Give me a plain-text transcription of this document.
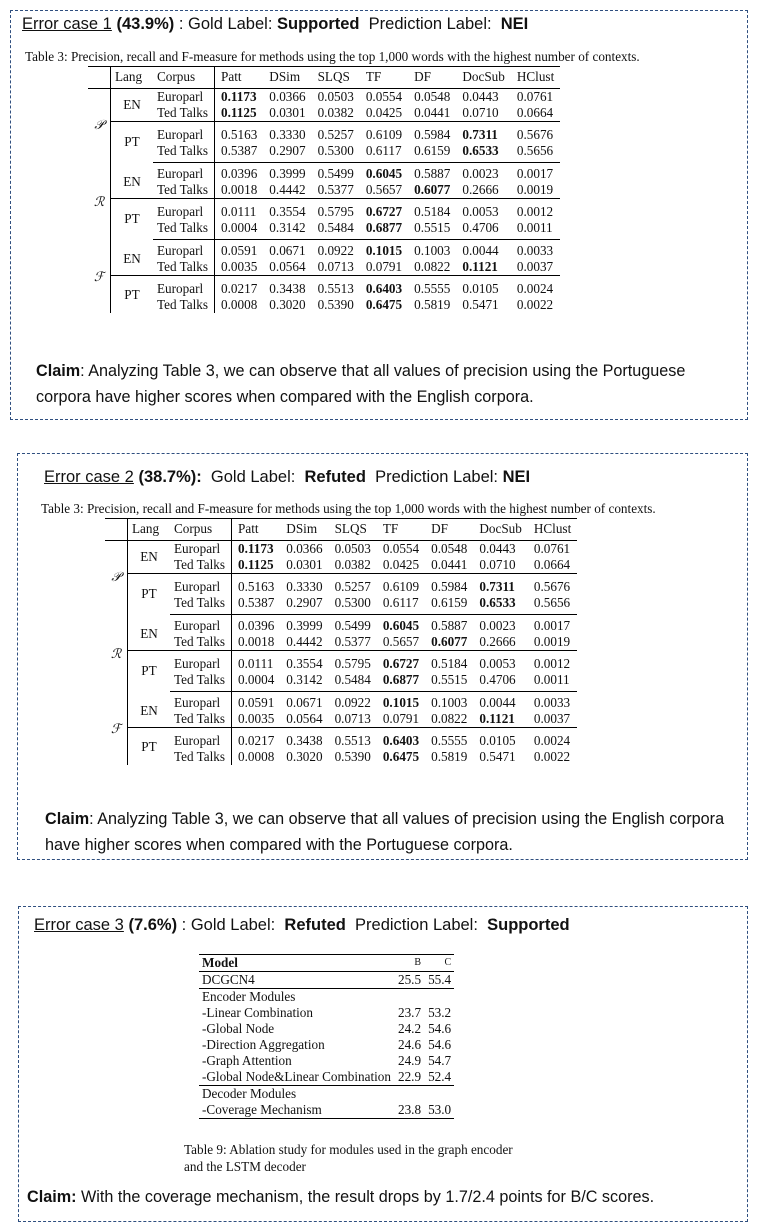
Error case 1 (43.9%) : Gold Label: Supported Prediction Label:  NEI
Table 3: Precision, recall and F-measure for methods using the top 1,000 words with the highest number of contexts.
	Lang	Corpus	Patt	DSim	SLQS	TF	DF	DocSub	HClust
𝒫	EN	Europarl	0.1173	0.0366	0.0503	0.0554	0.0548	0.0443	0.0761
		Ted Talks	0.1125	0.0301	0.0382	0.0425	0.0441	0.0710	0.0664
	PT	Europarl	0.5163	0.3330	0.5257	0.6109	0.5984	0.7311	0.5676
		Ted Talks	0.5387	0.2907	0.5300	0.6117	0.6159	0.6533	0.5656
ℛ	EN	Europarl	0.0396	0.3999	0.5499	0.6045	0.5887	0.0023	0.0017
		Ted Talks	0.0018	0.4442	0.5377	0.5657	0.6077	0.2666	0.0019
	PT	Europarl	0.0111	0.3554	0.5795	0.6727	0.5184	0.0053	0.0012
		Ted Talks	0.0004	0.3142	0.5484	0.6877	0.5515	0.4706	0.0011
ℱ	EN	Europarl	0.0591	0.0671	0.0922	0.1015	0.1003	0.0044	0.0033
		Ted Talks	0.0035	0.0564	0.0713	0.0791	0.0822	0.1121	0.0037
	PT	Europarl	0.0217	0.3438	0.5513	0.6403	0.5555	0.0105	0.0024
		Ted Talks	0.0008	0.3020	0.5390	0.6475	0.5819	0.5471	0.0022
Claim: Analyzing Table 3, we can observe that all values of precision using the Portuguese corpora have higher scores when compared with the English corpora.
Error case 2 (38.7%): Gold Label:  Refuted Prediction Label: NEI
Table 3: Precision, recall and F-measure for methods using the top 1,000 words with the highest number of contexts.
	Lang	Corpus	Patt	DSim	SLQS	TF	DF	DocSub	HClust
𝒫	EN	Europarl	0.1173	0.0366	0.0503	0.0554	0.0548	0.0443	0.0761
		Ted Talks	0.1125	0.0301	0.0382	0.0425	0.0441	0.0710	0.0664
	PT	Europarl	0.5163	0.3330	0.5257	0.6109	0.5984	0.7311	0.5676
		Ted Talks	0.5387	0.2907	0.5300	0.6117	0.6159	0.6533	0.5656
ℛ	EN	Europarl	0.0396	0.3999	0.5499	0.6045	0.5887	0.0023	0.0017
		Ted Talks	0.0018	0.4442	0.5377	0.5657	0.6077	0.2666	0.0019
	PT	Europarl	0.0111	0.3554	0.5795	0.6727	0.5184	0.0053	0.0012
		Ted Talks	0.0004	0.3142	0.5484	0.6877	0.5515	0.4706	0.0011
ℱ	EN	Europarl	0.0591	0.0671	0.0922	0.1015	0.1003	0.0044	0.0033
		Ted Talks	0.0035	0.0564	0.0713	0.0791	0.0822	0.1121	0.0037
	PT	Europarl	0.0217	0.3438	0.5513	0.6403	0.5555	0.0105	0.0024
		Ted Talks	0.0008	0.3020	0.5390	0.6475	0.5819	0.5471	0.0022
Claim: Analyzing Table 3, we can observe that all values of precision using the English corpora have higher scores when compared with the Portuguese corpora.
Error case 3 (7.6%) : Gold Label:  Refuted Prediction Label:  Supported
Model	B	C
DCGCN4	25.5	55.4
Encoder Modules		
-Linear Combination	23.7	53.2
-Global Node	24.2	54.6
-Direction Aggregation	24.6	54.6
-Graph Attention	24.9	54.7
-Global Node&Linear Combination	22.9	52.4
Decoder Modules		
-Coverage Mechanism	23.8	53.0
Table 9: Ablation study for modules used in the graph encoder and the LSTM decoder
Claim: With the coverage mechanism, the result drops by 1.7/2.4 points for B/C scores.
